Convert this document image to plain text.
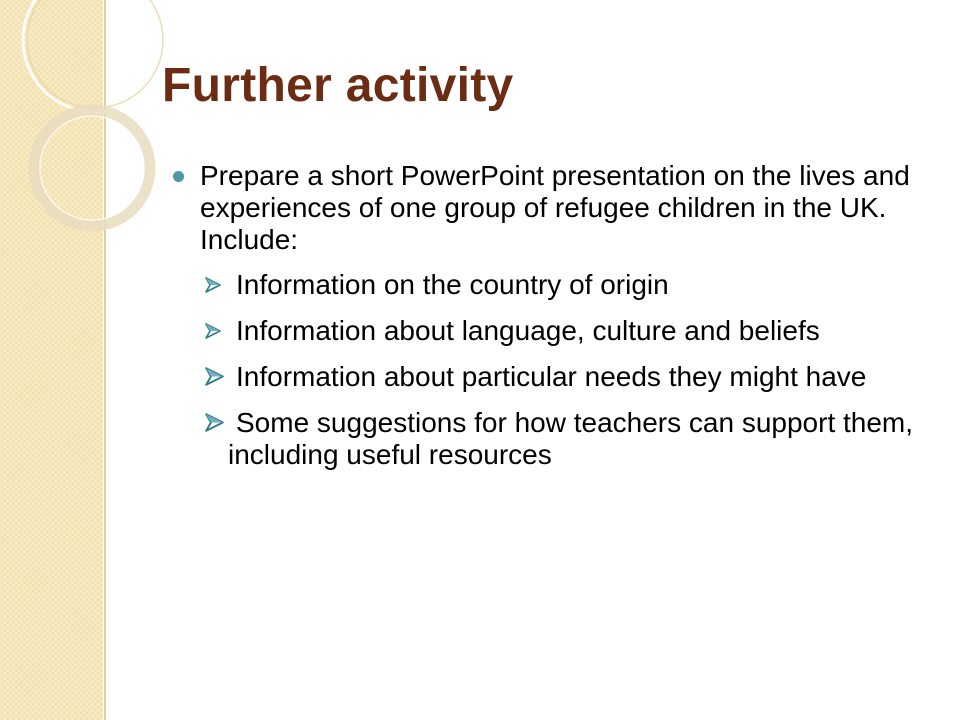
Further activity
Prepare a short PowerPoint presentation on the lives and experiences of one group of refugee children in the UK. Include:
Information on the country of origin
Information about language, culture and beliefs
Information about particular needs they might have
Some suggestions for how teachers can support them, including useful resources
